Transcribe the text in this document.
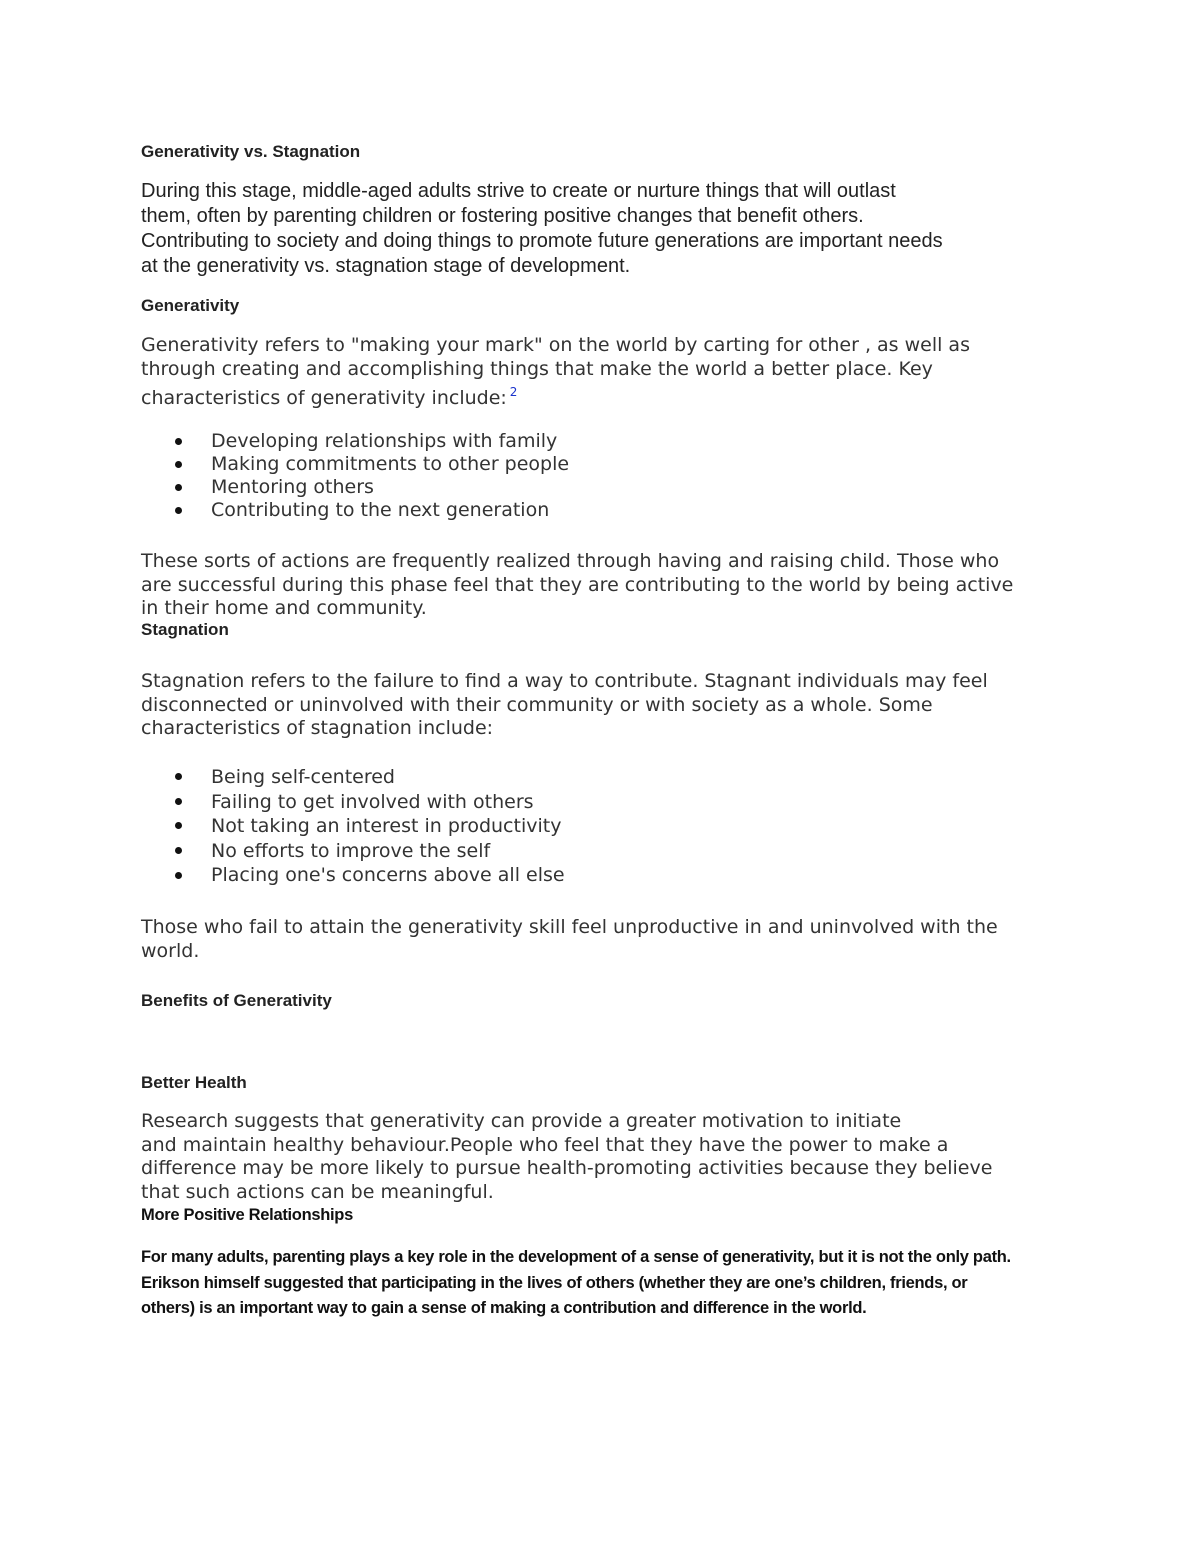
Generativity vs. Stagnation
During this stage, middle-aged adults strive to create or nurture things that will outlast
them, often by parenting children or fostering positive changes that benefit others.
Contributing to society and doing things to promote future generations are important needs
at the generativity vs. stagnation stage of development.
Generativity
Generativity refers to "making your mark" on the world by carting for other , as well as
through creating and accomplishing things that make the world a better place. Key
characteristics of generativity include: $^2$
Developing relationships with family
Making commitments to other people
Mentoring others
Contributing to the next generation
These sorts of actions are frequently realized through having and raising child. Those who
are successful during this phase feel that they are contributing to the world by being active
in their home and community.
Stagnation
Stagnation refers to the failure to find a way to contribute. Stagnant individuals may feel
disconnected or uninvolved with their community or with society as a whole. Some
characteristics of stagnation include:
Being self-centered
Failing to get involved with others
Not taking an interest in productivity
No efforts to improve the self
Placing one's concerns above all else
Those who fail to attain the generativity skill feel unproductive in and uninvolved with the
world.
Benefits of Generativity
Better Health
Research suggests that generativity can provide a greater motivation to initiate
and maintain healthy behaviour.People who feel that they have the power to make a
difference may be more likely to pursue health-promoting activities because they believe
that such actions can be meaningful.
More Positive Relationships
For many adults, parenting plays a key role in the development of a sense of generativity, but it is not the only path.
Erikson himself suggested that participating in the lives of others (whether they are one’s children, friends, or
others) is an important way to gain a sense of making a contribution and difference in the world.
